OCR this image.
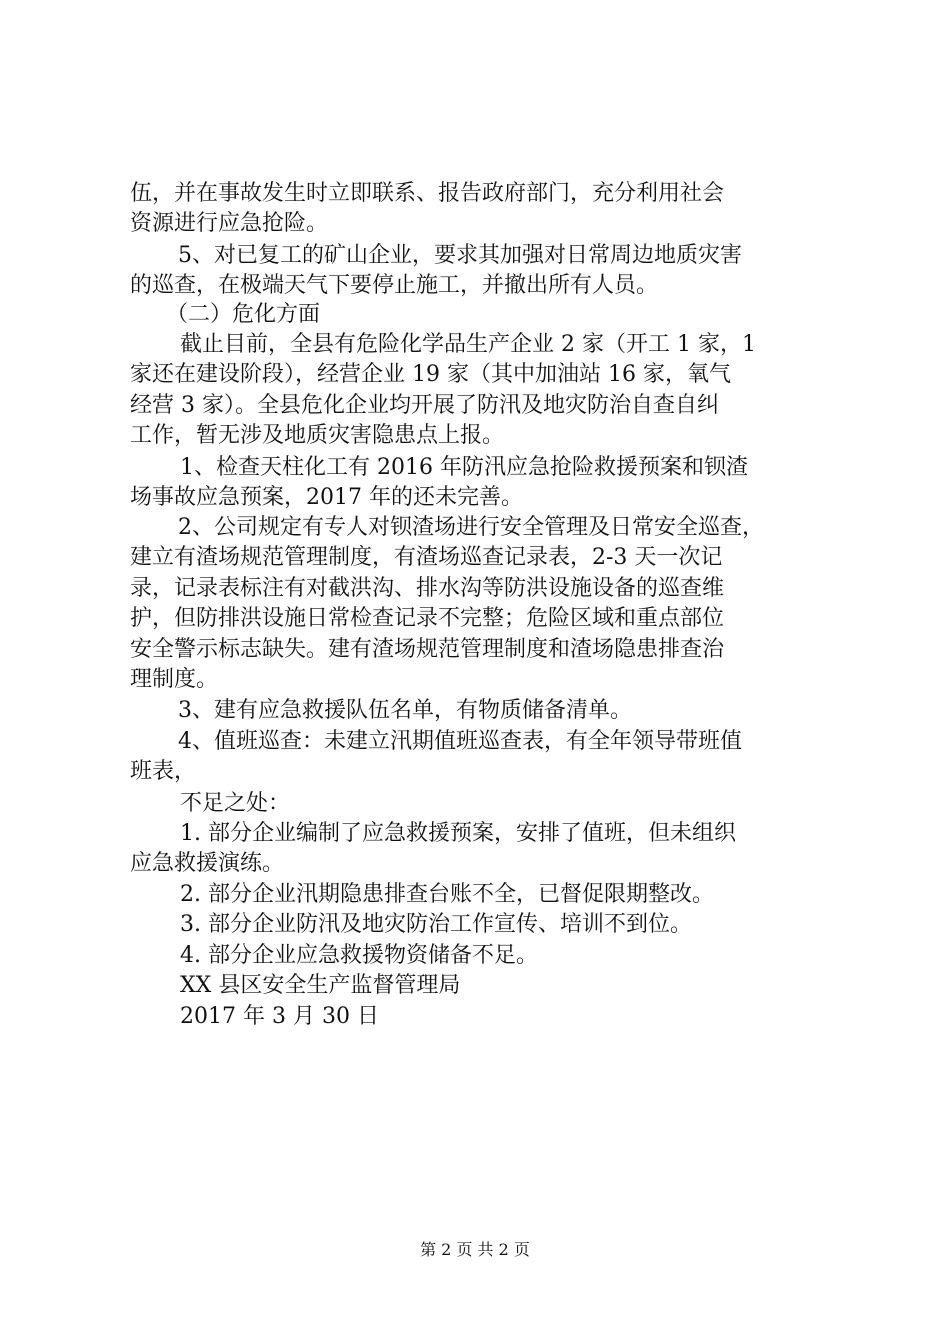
伍，并在事故发生时立即联系、报告政府部门，充分利用社会
资源进行应急抢险。
5、对已复工的矿山企业，要求其加强对日常周边地质灾害
的巡查，在极端天气下要停止施工，并撤出所有人员。
（二）危化方面
截止目前，全县有危险化学品生产企业 2 家（开工 1 家，1
家还在建设阶段），经营企业 19 家（其中加油站 16 家，氧气
经营 3 家）。全县危化企业均开展了防汛及地灾防治自查自纠
工作，暂无涉及地质灾害隐患点上报。
1、检查天柱化工有 2016 年防汛应急抢险救援预案和钡渣
场事故应急预案，2017 年的还未完善。
2、公司规定有专人对钡渣场进行安全管理及日常安全巡查，
建立有渣场规范管理制度，有渣场巡查记录表，2-3 天一次记
录，记录表标注有对截洪沟、排水沟等防洪设施设备的巡查维
护，但防排洪设施日常检查记录不完整；危险区域和重点部位
安全警示标志缺失。建有渣场规范管理制度和渣场隐患排查治
理制度。
3、建有应急救援队伍名单，有物质储备清单。
4、值班巡查：未建立汛期值班巡查表，有全年领导带班值
班表，
不足之处：
1. 部分企业编制了应急救援预案，安排了值班，但未组织
应急救援演练。
2. 部分企业汛期隐患排查台账不全，已督促限期整改。
3. 部分企业防汛及地灾防治工作宣传、培训不到位。
4. 部分企业应急救援物资储备不足。
XX 县区安全生产监督管理局
2017 年 3 月 30 日
第 2 页 共 2 页
